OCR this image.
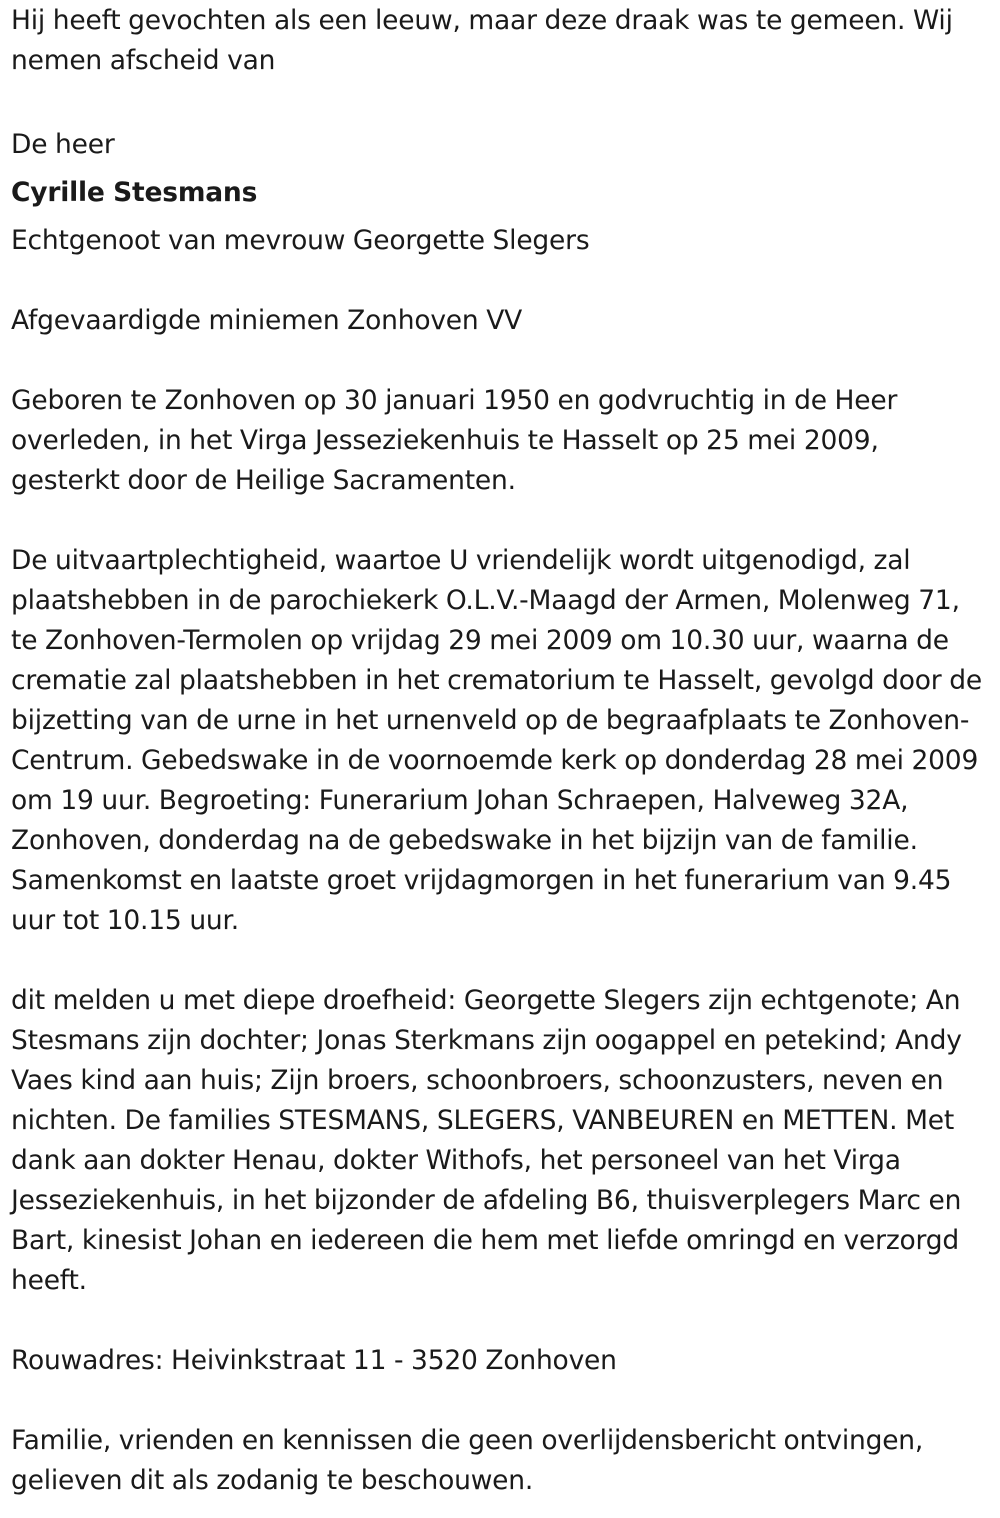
Hij heeft gevochten als een leeuw, maar deze draak was te gemeen. Wij nemen afscheid van

De heer

Cyrille Stesmans

Echtgenoot van mevrouw Georgette Slegers

Afgevaardigde miniemen Zonhoven VV

Geboren te Zonhoven op 30 januari 1950 en godvruchtig in de Heer overleden, in het Virga Jesseziekenhuis te Hasselt op 25 mei 2009, gesterkt door de Heilige Sacramenten.

De uitvaartplechtigheid, waartoe U vriendelijk wordt uitgenodigd, zal plaatshebben in de parochiekerk O.L.V.-Maagd der Armen, Molenweg 71, te Zonhoven-Termolen op vrijdag 29 mei 2009 om 10.30 uur, waarna de crematie zal plaatshebben in het crematorium te Hasselt, gevolgd door de bijzetting van de urne in het urnenveld op de begraafplaats te Zonhoven-Centrum. Gebedswake in de voornoemde kerk op donderdag 28 mei 2009 om 19 uur. Begroeting: Funerarium Johan Schraepen, Halveweg 32A, Zonhoven, donderdag na de gebedswake in het bijzijn van de familie. Samenkomst en laatste groet vrijdagmorgen in het funerarium van 9.45 uur tot 10.15 uur.

dit melden u met diepe droefheid: Georgette Slegers zijn echtgenote; An Stesmans zijn dochter; Jonas Sterkmans zijn oogappel en petekind; Andy Vaes kind aan huis; Zijn broers, schoonbroers, schoonzusters, neven en nichten. De families STESMANS, SLEGERS, VANBEUREN en METTEN. Met dank aan dokter Henau, dokter Withofs, het personeel van het Virga Jesseziekenhuis, in het bijzonder de afdeling B6, thuisverplegers Marc en Bart, kinesist Johan en iedereen die hem met liefde omringd en verzorgd heeft.

Rouwadres: Heivinkstraat 11 - 3520 Zonhoven

Familie, vrienden en kennissen die geen overlijdensbericht ontvingen, gelieven dit als zodanig te beschouwen.
